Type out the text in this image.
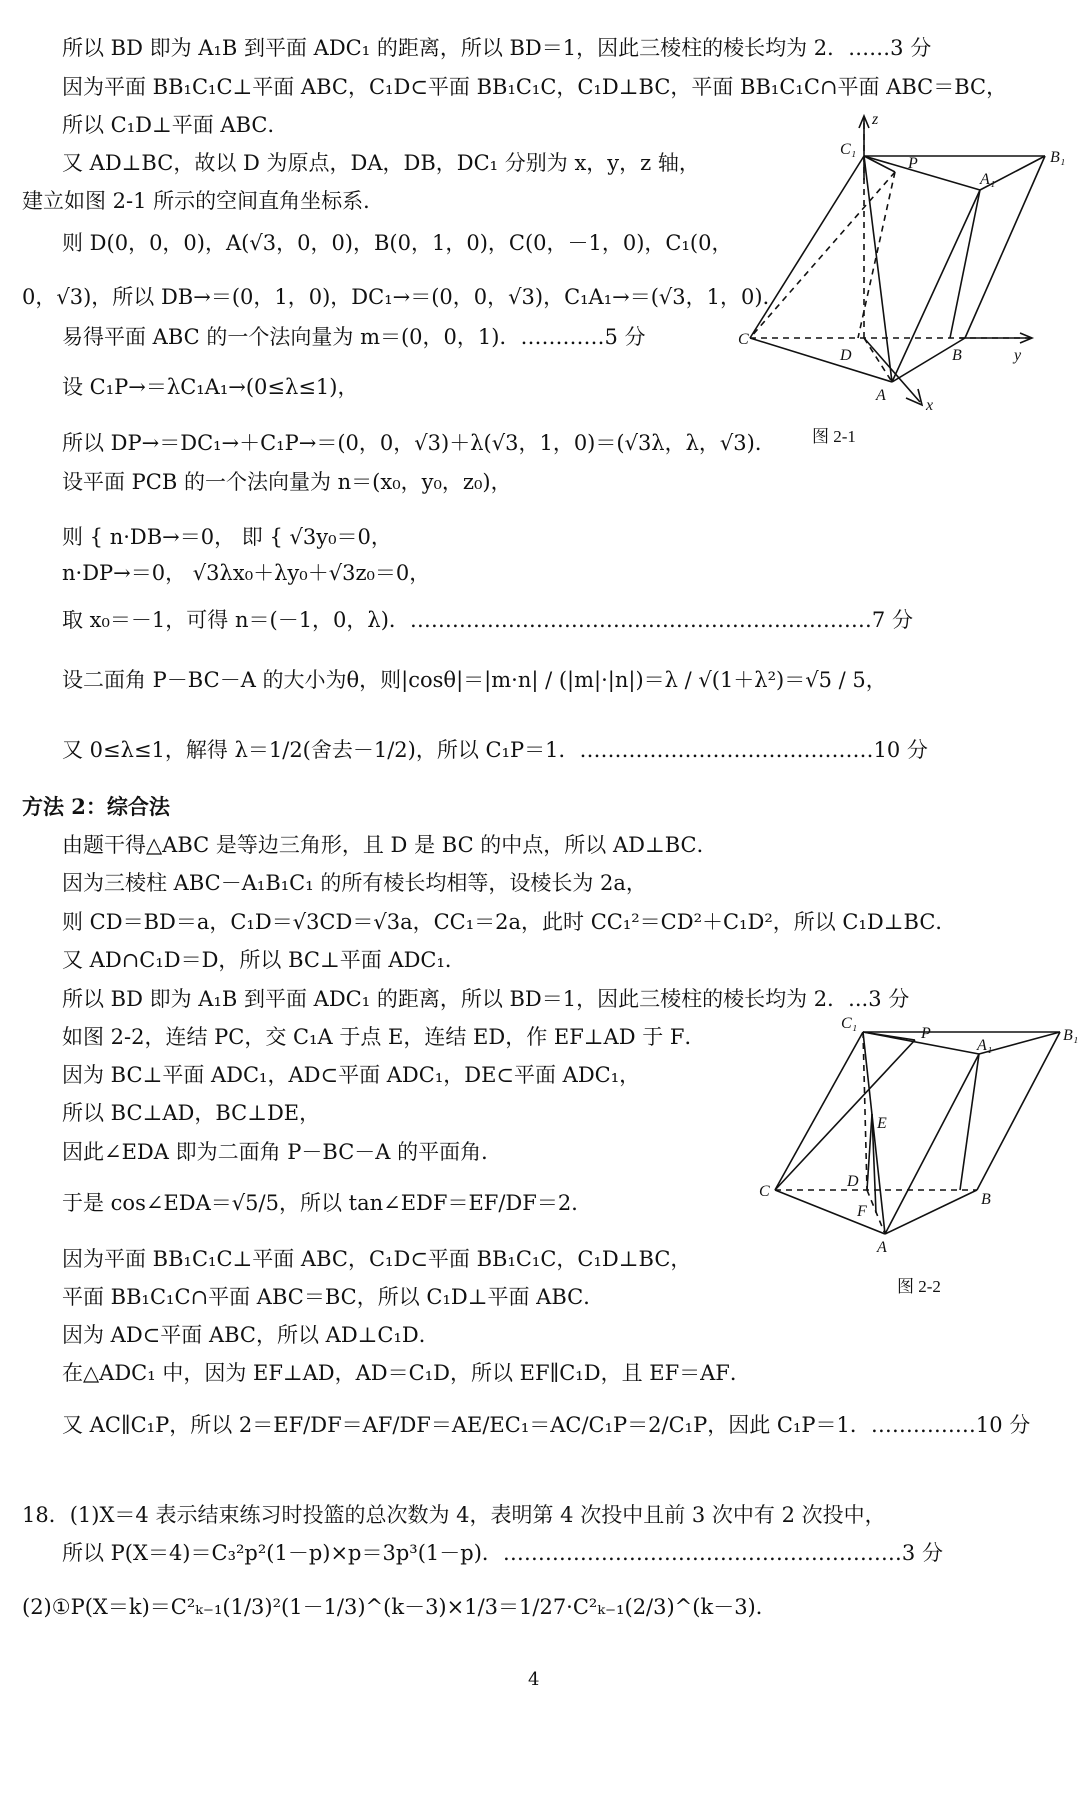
所以 BD 即为 A₁B 到平面 ADC₁ 的距离，所以 BD＝1，因此三棱柱的棱长均为 2．……3 分
因为平面 BB₁C₁C⊥平面 ABC，C₁D⊂平面 BB₁C₁C，C₁D⊥BC，平面 BB₁C₁C∩平面 ABC＝BC，
所以 C₁D⊥平面 ABC．
又 AD⊥BC，故以 D 为原点，DA，DB，DC₁ 分别为 x，y，z 轴，
建立如图 2-1 所示的空间直角坐标系．
则 D(0，0，0)，A(√3，0，0)，B(0，1，0)，C(0，－1，0)，C₁(0，
0，√3)，所以 DB→＝(0，1，0)，DC₁→＝(0，0，√3)，C₁A₁→＝(√3，1，0)．
易得平面 ABC 的一个法向量为 m＝(0，0，1)．…………5 分
设 C₁P→＝λC₁A₁→(0≤λ≤1)，
所以 DP→＝DC₁→＋C₁P→＝(0，0，√3)＋λ(√3，1，0)＝(√3λ，λ，√3)．
设平面 PCB 的一个法向量为 n＝(x₀，y₀，z₀)，
则 { n·DB→＝0， 即 { √3y₀＝0，
n·DP→＝0， √3λx₀＋λy₀＋√3z₀＝0，
取 x₀＝－1，可得 n＝(－1，0，λ)．…………………………………………………………7 分
设二面角 P－BC－A 的大小为θ，则|cosθ|＝|m·n| / (|m|·|n|)＝λ / √(1＋λ²)＝√5 / 5，
又 0≤λ≤1，解得 λ＝1/2(舍去－1/2)，所以 C₁P＝1．……………………………………10 分
方法 2：综合法
由题干得△ABC 是等边三角形，且 D 是 BC 的中点，所以 AD⊥BC．
因为三棱柱 ABC－A₁B₁C₁ 的所有棱长均相等，设棱长为 2a，
则 CD＝BD＝a，C₁D＝√3CD＝√3a，CC₁＝2a，此时 CC₁²＝CD²＋C₁D²，所以 C₁D⊥BC．
又 AD∩C₁D＝D，所以 BC⊥平面 ADC₁．
所以 BD 即为 A₁B 到平面 ADC₁ 的距离，所以 BD＝1，因此三棱柱的棱长均为 2．...3 分
如图 2-2，连结 PC，交 C₁A 于点 E，连结 ED，作 EF⊥AD 于 F．
因为 BC⊥平面 ADC₁，AD⊂平面 ADC₁，DE⊂平面 ADC₁，
所以 BC⊥AD，BC⊥DE，
因此∠EDA 即为二面角 P－BC－A 的平面角．
于是 cos∠EDA＝√5/5，所以 tan∠EDF＝EF/DF＝2．
因为平面 BB₁C₁C⊥平面 ABC，C₁D⊂平面 BB₁C₁C，C₁D⊥BC，
平面 BB₁C₁C∩平面 ABC＝BC，所以 C₁D⊥平面 ABC．
因为 AD⊂平面 ABC，所以 AD⊥C₁D．
在△ADC₁ 中，因为 EF⊥AD，AD＝C₁D，所以 EF∥C₁D，且 EF＝AF．
又 AC∥C₁P，所以 2＝EF/DF＝AF/DF＝AE/EC₁＝AC/C₁P＝2/C₁P，因此 C₁P＝1．……………10 分
18．(1)X＝4 表示结束练习时投篮的总次数为 4，表明第 4 次投中且前 3 次中有 2 次投中，
所以 P(X＝4)＝C₃²p²(1－p)×p＝3p³(1－p)．…………………………………………………3 分
(2)①P(X＝k)＝C²ₖ₋₁(1/3)²(1－1/3)^(k－3)×1/3＝1/27·C²ₖ₋₁(2/3)^(k－3)．
4
C₁	B₁
A₁
P
C
D	B
A
x
y
z
图 2-1
C₁
B₁
A₁
P
E
C
D
F
B
A
图 2-2
